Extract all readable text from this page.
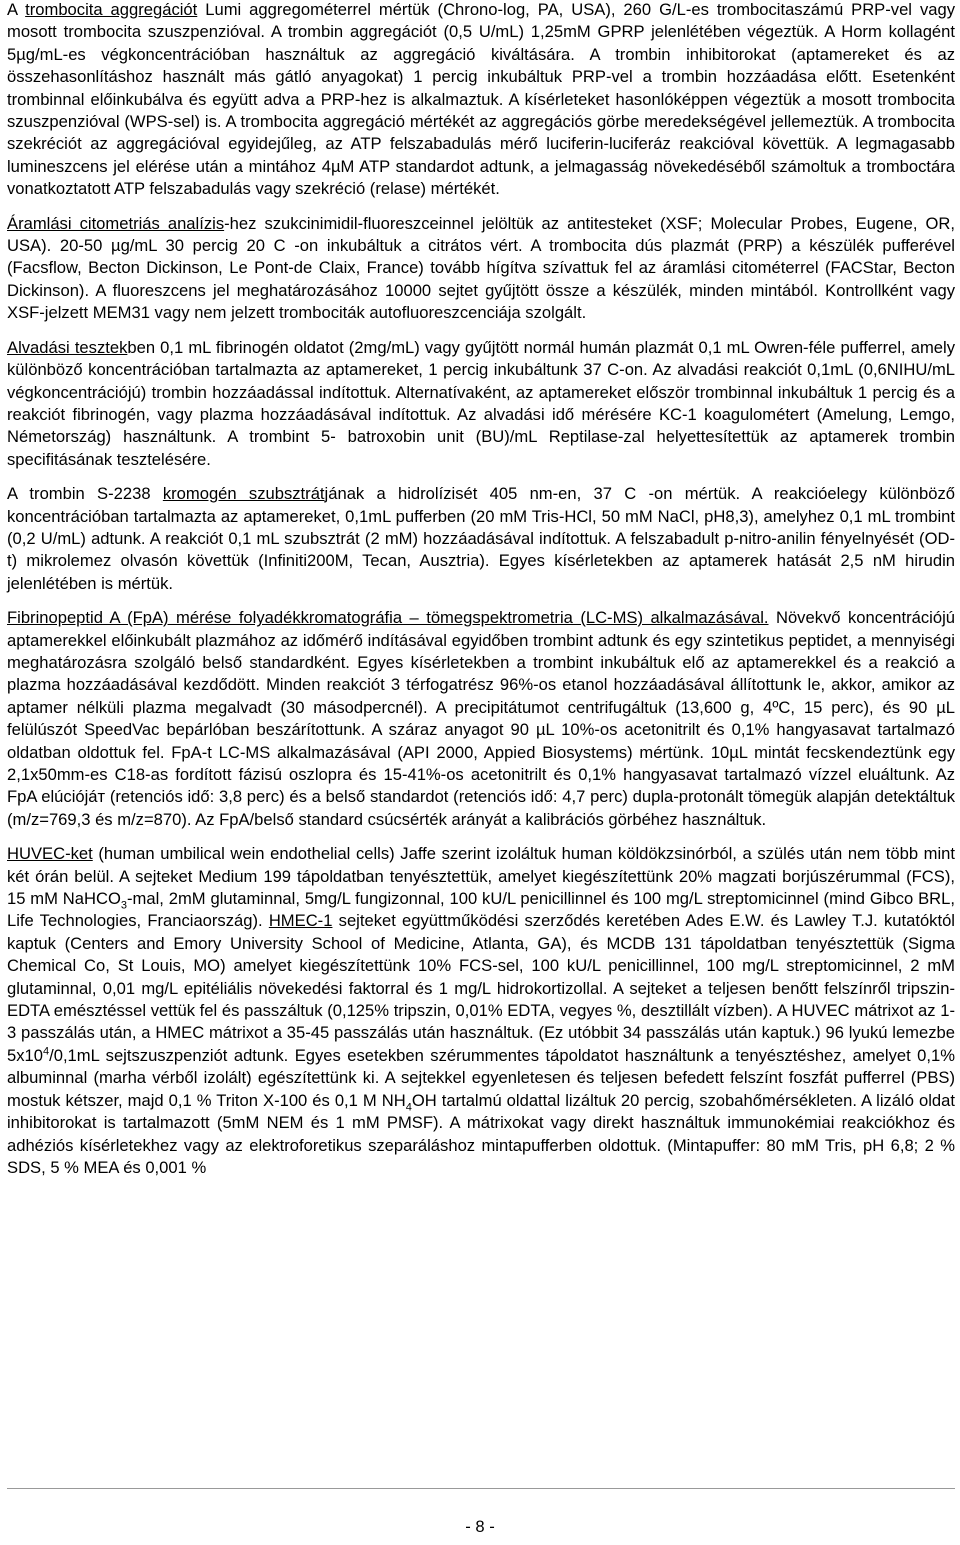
A trombocita aggregációt Lumi aggregométerrel mértük (Chrono-log, PA, USA), 260 G/L-es trombocitaszámú PRP-vel vagy mosott trombocita szuszpenzióval. A trombin aggregációt (0,5 U/mL) 1,25mM GPRP jelenlétében végeztük. A Horm kollagént 5µg/mL-es végkoncentrációban használtuk az aggregáció kiváltására. A trombin inhibitorokat (aptamereket és az összehasonlításhoz használt más gátló anyagokat) 1 percig inkubáltuk PRP-vel a trombin hozzáadása előtt. Esetenként trombinnal előinkubálva és együtt adva a PRP-hez is alkalmaztuk. A kísérleteket hasonlóképpen végeztük a mosott trombocita szuszpenzióval (WPS-sel) is. A trombocita aggregáció mértékét az aggregációs görbe meredekségével jellemeztük. A trombocita szekréciót az aggregációval egyidejűleg, az ATP felszabadulás mérő luciferin-luciferáz reakcióval követtük. A legmagasabb lumineszcens jel elérése után a mintához 4µM ATP standardot adtunk, a jelmagasság növekedéséből számoltuk a tromboctára vonatkoztatott ATP felszabadulás vagy szekréció (relase) mértékét.

Áramlási citometriás analízis-hez szukcinimidil-fluoreszceinnel jelöltük az antitesteket (XSF; Molecular Probes, Eugene, OR, USA). 20-50 µg/mL 30 percig 20 C -on inkubáltuk a citrátos vért. A trombocita dús plazmát (PRP) a készülék pufferével (Facsflow, Becton Dickinson, Le Pont-de Claix, France) tovább hígítva szívattuk fel az áramlási citométerrel (FACStar, Becton Dickinson). A fluoreszcens jel meghatározásához 10000 sejtet gyűjtött össze a készülék, minden mintából. Kontrollként vagy XSF-jelzett MEM31 vagy nem jelzett trombociták autofluoreszcenciája szolgált.

Alvadási tesztekben 0,1 mL fibrinogén oldatot (2mg/mL) vagy gyűjtött normál humán plazmát 0,1 mL Owren-féle pufferrel, amely különböző koncentrációban tartalmazta az aptamereket, 1 percig inkubáltunk 37 C-on. Az alvadási reakciót 0,1mL (0,6NIHU/mL végkoncentrációjú) trombin hozzáadással indítottuk. Alternatívaként, az aptamereket először trombinnal inkubáltuk 1 percig és a reakciót fibrinogén, vagy plazma hozzáadásával indítottuk. Az alvadási idő mérésére KC-1 koagulométert (Amelung, Lemgo, Németország) használtunk. A trombint 5- batroxobin unit (BU)/mL Reptilase-zal helyettesítettük az aptamerek trombin specifitásának tesztelésére.

A trombin S-2238 kromogén szubsztrátjának a hidrolízisét 405 nm-en, 37 C -on mértük. A reakcióelegy különböző koncentrációban tartalmazta az aptamereket, 0,1mL pufferben (20 mM Tris-HCl, 50 mM NaCl, pH8,3), amelyhez 0,1 mL trombint (0,2 U/mL) adtunk. A reakciót 0,1 mL szubsztrát (2 mM) hozzáadásával indítottuk. A felszabadult p-nitro-anilin fényelnyését (OD-t) mikrolemez olvasón követtük (Infiniti200M, Tecan, Ausztria). Egyes kísérletekben az aptamerek hatását 2,5 nM hirudin jelenlétében is mértük.

Fibrinopeptid A (FpA) mérése folyadékkromatográfia – tömegspektrometria (LC-MS) alkalmazásával. Növekvő koncentrációjú aptamerekkel előinkubált plazmához az időmérő indításával egyidőben trombint adtunk és egy szintetikus peptidet, a mennyiségi meghatározásra szolgáló belső standardként. Egyes kísérletekben a trombint inkubáltuk elő az aptamerekkel és a reakció a plazma hozzáadásával kezdődött. Minden reakciót 3 térfogatrész 96%-os etanol hozzáadásával állítottunk le, akkor, amikor az aptamer nélküli plazma megalvadt (30 másodpercnél). A precipitátumot centrifugáltuk (13,600 g, 4ºC, 15 perc), és 90 µL felülúszót SpeedVac bepárlóban beszárítottunk. A száraz anyagot 90 µL 10%-os acetonitrilt és 0,1% hangyasavat tartalmazó oldatban oldottuk fel. FpA-t LC-MS alkalmazásával (API 2000, Appied Biosystems) mértünk. 10µL mintát fecskendeztünk egy 2,1x50mm-es C18-as fordított fázisú oszlopra és 15-41%-os acetonitrilt és 0,1% hangyasavat tartalmazó vízzel eluáltunk. Az FpA elúciójáт (retenciós idő: 3,8 perc) és a belső standardot (retenciós idő: 4,7 perc) dupla-protonált tömegük alapján detektáltuk (m/z=769,3 és m/z=870). Az FpA/belső standard csúcsérték arányát a kalibrációs görbéhez használtuk.

HUVEC-ket (human umbilical wein endothelial cells) Jaffe szerint izoláltuk human köldökzsinórból, a szülés után nem több mint két órán belül. A sejteket Medium 199 tápoldatban tenyésztettük, amelyet kiegészítettünk 20% magzati borjúszérummal (FCS), 15 mM NaHCO$_3$-mal, 2mM glutaminnal, 5mg/L fungizonnal, 100 kU/L penicillinnel és 100 mg/L streptomicinnel (mind Gibco BRL, Life Technologies, Franciaország). HMEC-1 sejteket együttműködési szerződés keretében Ades E.W. és Lawley T.J. kutatóktól kaptuk (Centers and Emory University School of Medicine, Atlanta, GA), és MCDB 131 tápoldatban tenyésztettük (Sigma Chemical Co, St Louis, MO) amelyet kiegészítettünk 10% FCS-sel, 100 kU/L penicillinnel, 100 mg/L streptomicinnel, 2 mM glutaminnal, 0,01 mg/L epitéliális növekedési faktorral és 1 mg/L hidrokortizollal. A sejteket a teljesen benőtt felszínről tripszin-EDTA emésztéssel vettük fel és passzáltuk (0,125% tripszin, 0,01% EDTA, vegyes %, desztillált vízben). A HUVEC mátrixot az 1-3 passzálás után, a HMEC mátrixot a 35-45 passzálás után használtuk. (Ez utóbbit 34 passzálás után kaptuk.) 96 lyukú lemezbe $5x10^4/0,1mL$ sejtszuszpenziót adtunk. Egyes esetekben szérummentes tápoldatot használtunk a tenyésztéshez, amelyet 0,1% albuminnal (marha vérből izolált) egészítettünk ki. A sejtekkel egyenletesen és teljesen befedett felszínt foszfát pufferrel (PBS) mostuk kétszer, majd 0,1 % Triton X-100 és 0,1 M $NH_4OH$ tartalmú oldattal lizáltuk 20 percig, szobahőmérsékleten. A lizáló oldat inhibitorokat is tartalmazott (5mM NEM és 1 mM PMSF). A mátrixokat vagy direkt használtuk immunokémiai reakciókhoz és adhéziós kísérletekhez vagy az elektroforetikus szeparáláshoz mintapufferben oldottuk. (Mintapuffer: 80 mM Tris, pH 6,8; 2 % SDS, 5 % MEA és 0,001 %

- 8 -
